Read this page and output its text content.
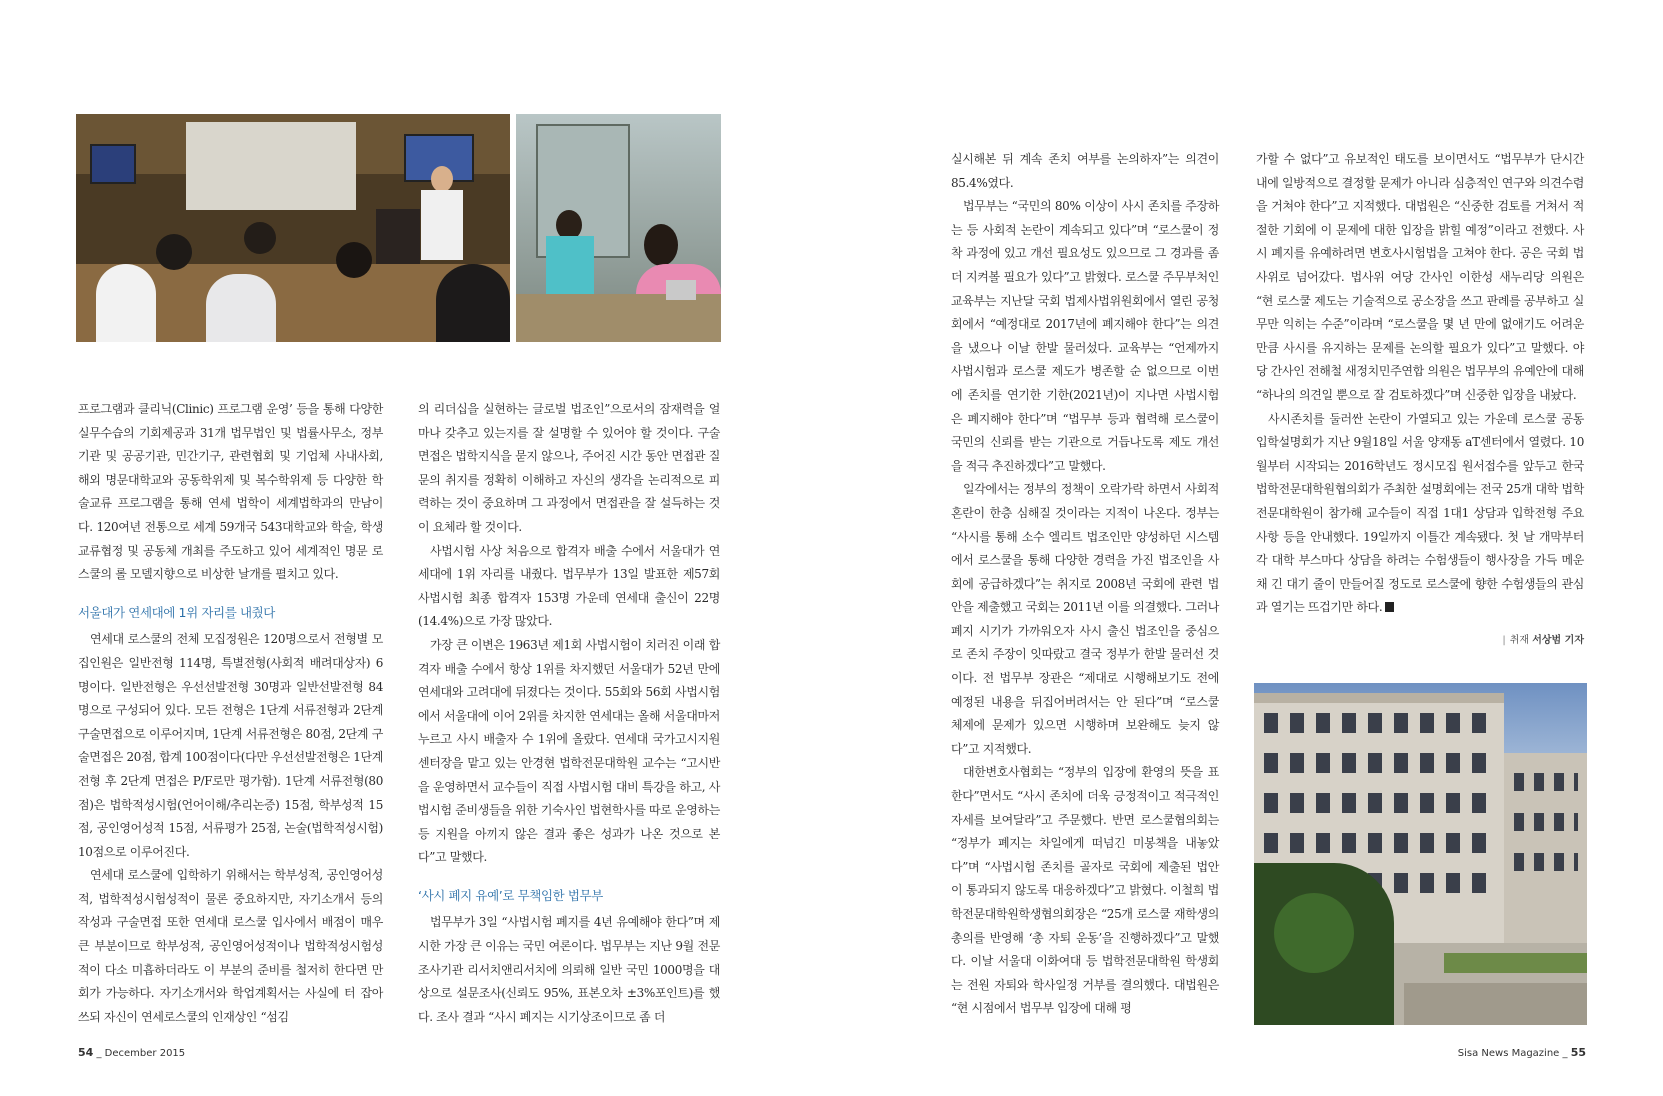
프로그램과 클리닉(Clinic) 프로그램 운영’ 등을 통해 다양한 실무수습의 기회제공과 31개 법무법인 및 법률사무소, 정부기관 및 공공기관, 민간기구, 관련협회 및 기업체 사내사회, 해외 명문대학교와 공동학위제 및 복수학위제 등 다양한 학술교류 프로그램을 통해 연세 법학이 세계법학과의 만남이다. 120여년 전통으로 세계 59개국 543대학교와 학술, 학생교류협정 및 공동체 개최를 주도하고 있어 세계적인 명문 로스쿨의 롤 모델지향으로 비상한 날개를 펼치고 있다.

서울대가 연세대에 1위 자리를 내줬다

연세대 로스쿨의 전체 모집정원은 120명으로서 전형별 모집인원은 일반전형 114명, 특별전형(사회적 배려대상자) 6명이다. 일반전형은 우선선발전형 30명과 일반선발전형 84명으로 구성되어 있다. 모든 전형은 1단계 서류전형과 2단계 구술면접으로 이루어지며, 1단계 서류전형은 80점, 2단계 구술면접은 20점, 합계 100점이다(다만 우선선발전형은 1단계 전형 후 2단계 면접은 P/F로만 평가함). 1단계 서류전형(80점)은 법학적성시험(언어이해/추리논증) 15점, 학부성적 15점, 공인영어성적 15점, 서류평가 25점, 논술(법학적성시험) 10점으로 이루어진다.

연세대 로스쿨에 입학하기 위해서는 학부성적, 공인영어성적, 법학적성시험성적이 물론 중요하지만, 자기소개서 등의 작성과 구술면접 또한 연세대 로스쿨 입사에서 배점이 매우 큰 부분이므로 학부성적, 공인영어성적이나 법학적성시험성적이 다소 미흡하더라도 이 부분의 준비를 철저히 한다면 만회가 가능하다. 자기소개서와 학업계획서는 사실에 터 잡아 쓰되 자신이 연세로스쿨의 인재상인 “섬김

의 리더십을 실현하는 글로벌 법조인”으로서의 잠재력을 얼마나 갖추고 있는지를 잘 설명할 수 있어야 할 것이다. 구술면접은 법학지식을 묻지 않으나, 주어진 시간 동안 면접관 질문의 취지를 정확히 이해하고 자신의 생각을 논리적으로 피력하는 것이 중요하며 그 과정에서 면접관을 잘 설득하는 것이 요체라 할 것이다.

사법시험 사상 처음으로 합격자 배출 수에서 서울대가 연세대에 1위 자리를 내줬다. 법무부가 13일 발표한 제57회 사법시험 최종 합격자 153명 가운데 연세대 출신이 22명(14.4%)으로 가장 많았다.

가장 큰 이변은 1963년 제1회 사법시험이 치러진 이래 합격자 배출 수에서 항상 1위를 차지했던 서울대가 52년 만에 연세대와 고려대에 뒤졌다는 것이다. 55회와 56회 사법시험에서 서울대에 이어 2위를 차지한 연세대는 올해 서울대마저 누르고 사시 배출자 수 1위에 올랐다. 연세대 국가고시지원센터장을 맡고 있는 안경현 법학전문대학원 교수는 “고시반을 운영하면서 교수들이 직접 사법시험 대비 특강을 하고, 사법시험 준비생들을 위한 기숙사인 법현학사를 따로 운영하는 등 지원을 아끼지 않은 결과 좋은 성과가 나온 것으로 본다”고 말했다.

‘사시 폐지 유예’로 무책임한 법무부

법무부가 3일 “사법시험 폐지를 4년 유예해야 한다”며 제시한 가장 큰 이유는 국민 여론이다. 법무부는 지난 9월 전문 조사기관 리서치앤리서치에 의뢰해 일반 국민 1000명을 대상으로 설문조사(신뢰도 95%, 표본오차 ±3%포인트)를 했다. 조사 결과 “사시 폐지는 시기상조이므로 좀 더

실시해본 뒤 계속 존치 여부를 논의하자”는 의견이 85.4%였다.

법무부는 “국민의 80% 이상이 사시 존치를 주장하는 등 사회적 논란이 계속되고 있다”며 “로스쿨이 정착 과정에 있고 개선 필요성도 있으므로 그 경과를 좀 더 지켜볼 필요가 있다”고 밝혔다. 로스쿨 주무부처인 교육부는 지난달 국회 법제사법위원회에서 열린 공청회에서 “예정대로 2017년에 폐지해야 한다”는 의견을 냈으나 이날 한발 물러섰다. 교육부는 “언제까지 사법시험과 로스쿨 제도가 병존할 순 없으므로 이번에 존치를 연기한 기한(2021년)이 지나면 사법시험은 폐지해야 한다”며 “법무부 등과 협력해 로스쿨이 국민의 신뢰를 받는 기관으로 거듭나도록 제도 개선을 적극 추진하겠다”고 말했다.

일각에서는 정부의 정책이 오락가락 하면서 사회적 혼란이 한층 심해질 것이라는 지적이 나온다. 정부는 “사시를 통해 소수 엘리트 법조인만 양성하던 시스템에서 로스쿨을 통해 다양한 경력을 가진 법조인을 사회에 공급하겠다”는 취지로 2008년 국회에 관련 법안을 제출했고 국회는 2011년 이를 의결했다. 그러나 폐지 시기가 가까워오자 사시 출신 법조인을 중심으로 존치 주장이 잇따랐고 결국 정부가 한발 물러선 것이다. 전 법무부 장관은 “제대로 시행해보기도 전에 예정된 내용을 뒤집어버려서는 안 된다”며 “로스쿨 체제에 문제가 있으면 시행하며 보완해도 늦지 않다”고 지적했다.

대한변호사협회는 “정부의 입장에 환영의 뜻을 표한다”면서도 “사시 존치에 더욱 긍정적이고 적극적인 자세를 보여달라”고 주문했다. 반면 로스쿨협의회는 “정부가 폐지는 차일에게 떠넘긴 미봉책을 내놓았다”며 “사법시험 존치를 골자로 국회에 제출된 법안이 통과되지 않도록 대응하겠다”고 밝혔다. 이철희 법학전문대학원학생협의회장은 “25개 로스쿨 재학생의 총의를 반영해 ‘총 자퇴 운동’을 진행하겠다”고 말했다. 이날 서울대 이화여대 등 법학전문대학원 학생회는 전원 자퇴와 학사일정 거부를 결의했다. 대법원은 “현 시점에서 법무부 입장에 대해 평

가할 수 없다”고 유보적인 태도를 보이면서도 “법무부가 단시간 내에 일방적으로 결정할 문제가 아니라 심층적인 연구와 의견수렴을 거쳐야 한다”고 지적했다. 대법원은 “신중한 검토를 거쳐서 적절한 기회에 이 문제에 대한 입장을 밝힐 예정”이라고 전했다. 사시 폐지를 유예하려면 변호사시험법을 고쳐야 한다. 공은 국회 법사위로 넘어갔다. 법사위 여당 간사인 이한성 새누리당 의원은 “현 로스쿨 제도는 기술적으로 공소장을 쓰고 판례를 공부하고 실무만 익히는 수준”이라며 “로스쿨을 몇 년 만에 없애기도 어려운 만큼 사시를 유지하는 문제를 논의할 필요가 있다”고 말했다. 야당 간사인 전해철 새정치민주연합 의원은 법무부의 유예안에 대해 “하나의 의견일 뿐으로 잘 검토하겠다”며 신중한 입장을 내놨다.

사시존치를 둘러싼 논란이 가열되고 있는 가운데 로스쿨 공동입학설명회가 지난 9월18일 서울 양재동 aT센터에서 열렸다. 10월부터 시작되는 2016학년도 정시모집 원서접수를 앞두고 한국법학전문대학원협의회가 주최한 설명회에는 전국 25개 대학 법학전문대학원이 참가해 교수들이 직접 1대1 상담과 입학전형 주요사항 등을 안내했다. 19일까지 이틀간 계속됐다. 첫 날 개막부터 각 대학 부스마다 상담을 하려는 수험생들이 행사장을 가득 메운 채 긴 대기 줄이 만들어질 정도로 로스쿨에 향한 수험생들의 관심과 열기는 뜨겁기만 하다.

| 취재 서상범 기자
54 _ December 2015	Sisa News Magazine _ 55
